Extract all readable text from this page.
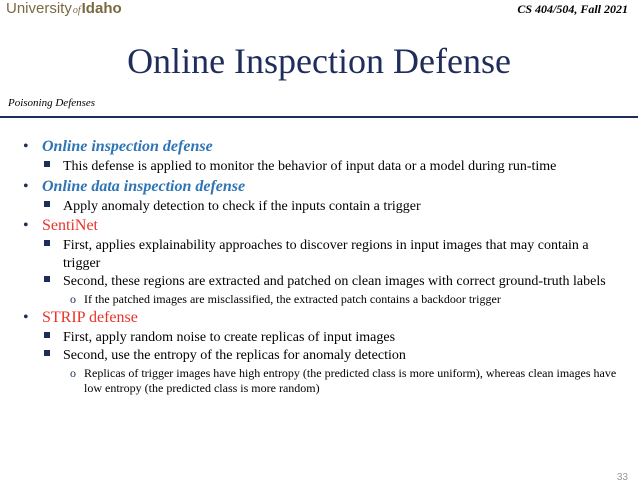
UniversityofIdaho	CS 404/504, Fall 2021
Online Inspection Defense
Poisoning Defenses
• Online inspection defense
This defense is applied to monitor the behavior of input data or a model during run-time
• Online data inspection defense
Apply anomaly detection to check if the inputs contain a trigger
• SentiNet
First, applies explainability approaches to discover regions in input images that may contain a trigger
Second, these regions are extracted and patched on clean images with correct ground-truth labels
o If the patched images are misclassified, the extracted patch contains a backdoor trigger
• STRIP defense
First, apply random noise to create replicas of input images
Second, use the entropy of the replicas for anomaly detection
o Replicas of trigger images have high entropy (the predicted class is more uniform), whereas clean images have low entropy (the predicted class is more random)
33
